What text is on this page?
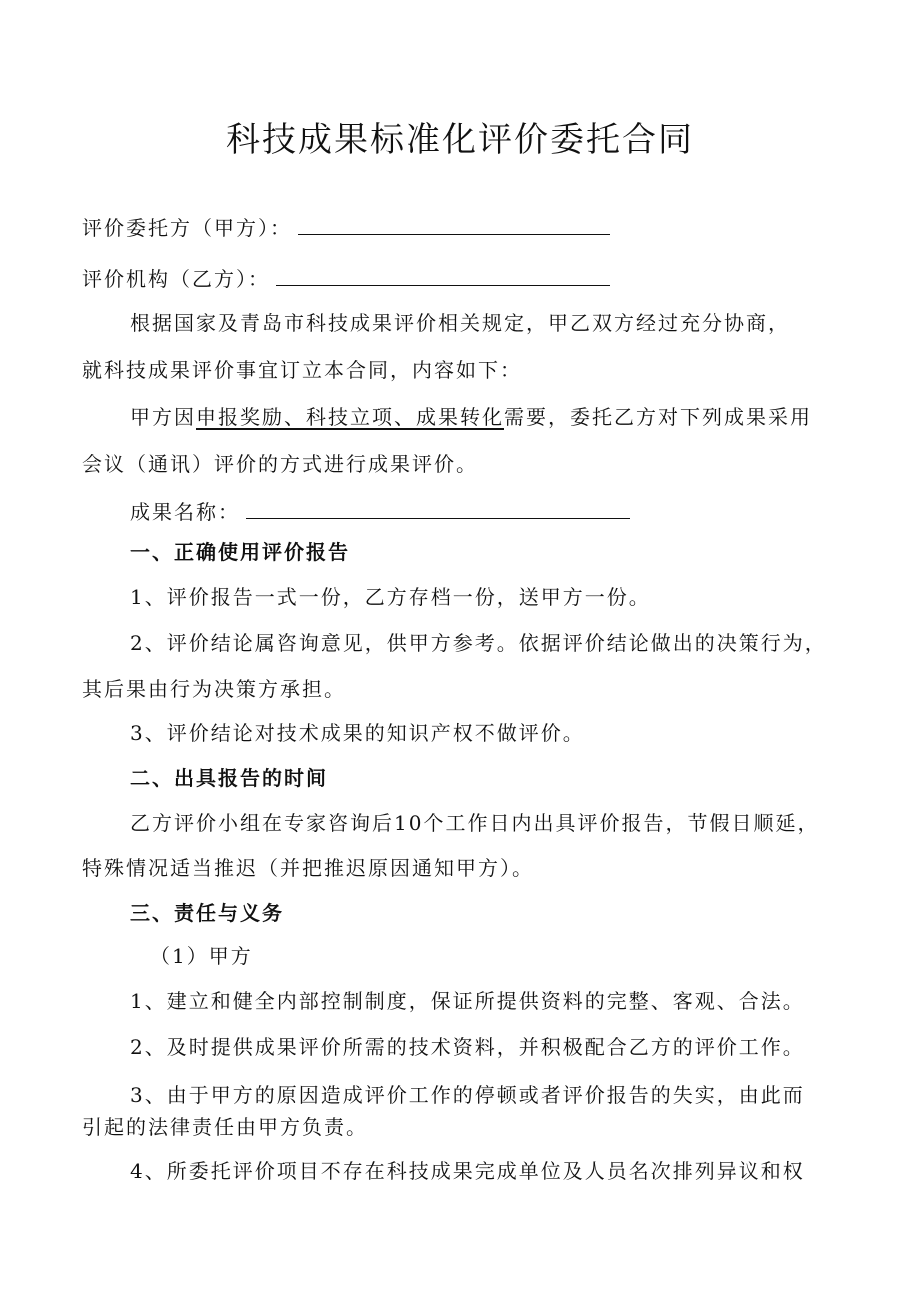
科技成果标准化评价委托合同
评价委托方（甲方）：
评价机构（乙方）：
根据国家及青岛市科技成果评价相关规定，甲乙双方经过充分协商，
就科技成果评价事宜订立本合同，内容如下：
甲方因申报奖励、科技立项、成果转化需要，委托乙方对下列成果采用
会议（通讯）评价的方式进行成果评价。
成果名称：
一、正确使用评价报告
1、评价报告一式一份，乙方存档一份，送甲方一份。
2、评价结论属咨询意见，供甲方参考。依据评价结论做出的决策行为，
其后果由行为决策方承担。
3、评价结论对技术成果的知识产权不做评价。
二、出具报告的时间
乙方评价小组在专家咨询后10个工作日内出具评价报告，节假日顺延，
特殊情况适当推迟（并把推迟原因通知甲方）。
三、责任与义务
（1）甲方
1、建立和健全内部控制制度，保证所提供资料的完整、客观、合法。
2、及时提供成果评价所需的技术资料，并积极配合乙方的评价工作。
3、由于甲方的原因造成评价工作的停顿或者评价报告的失实，由此而
引起的法律责任由甲方负责。
4、所委托评价项目不存在科技成果完成单位及人员名次排列异议和权
